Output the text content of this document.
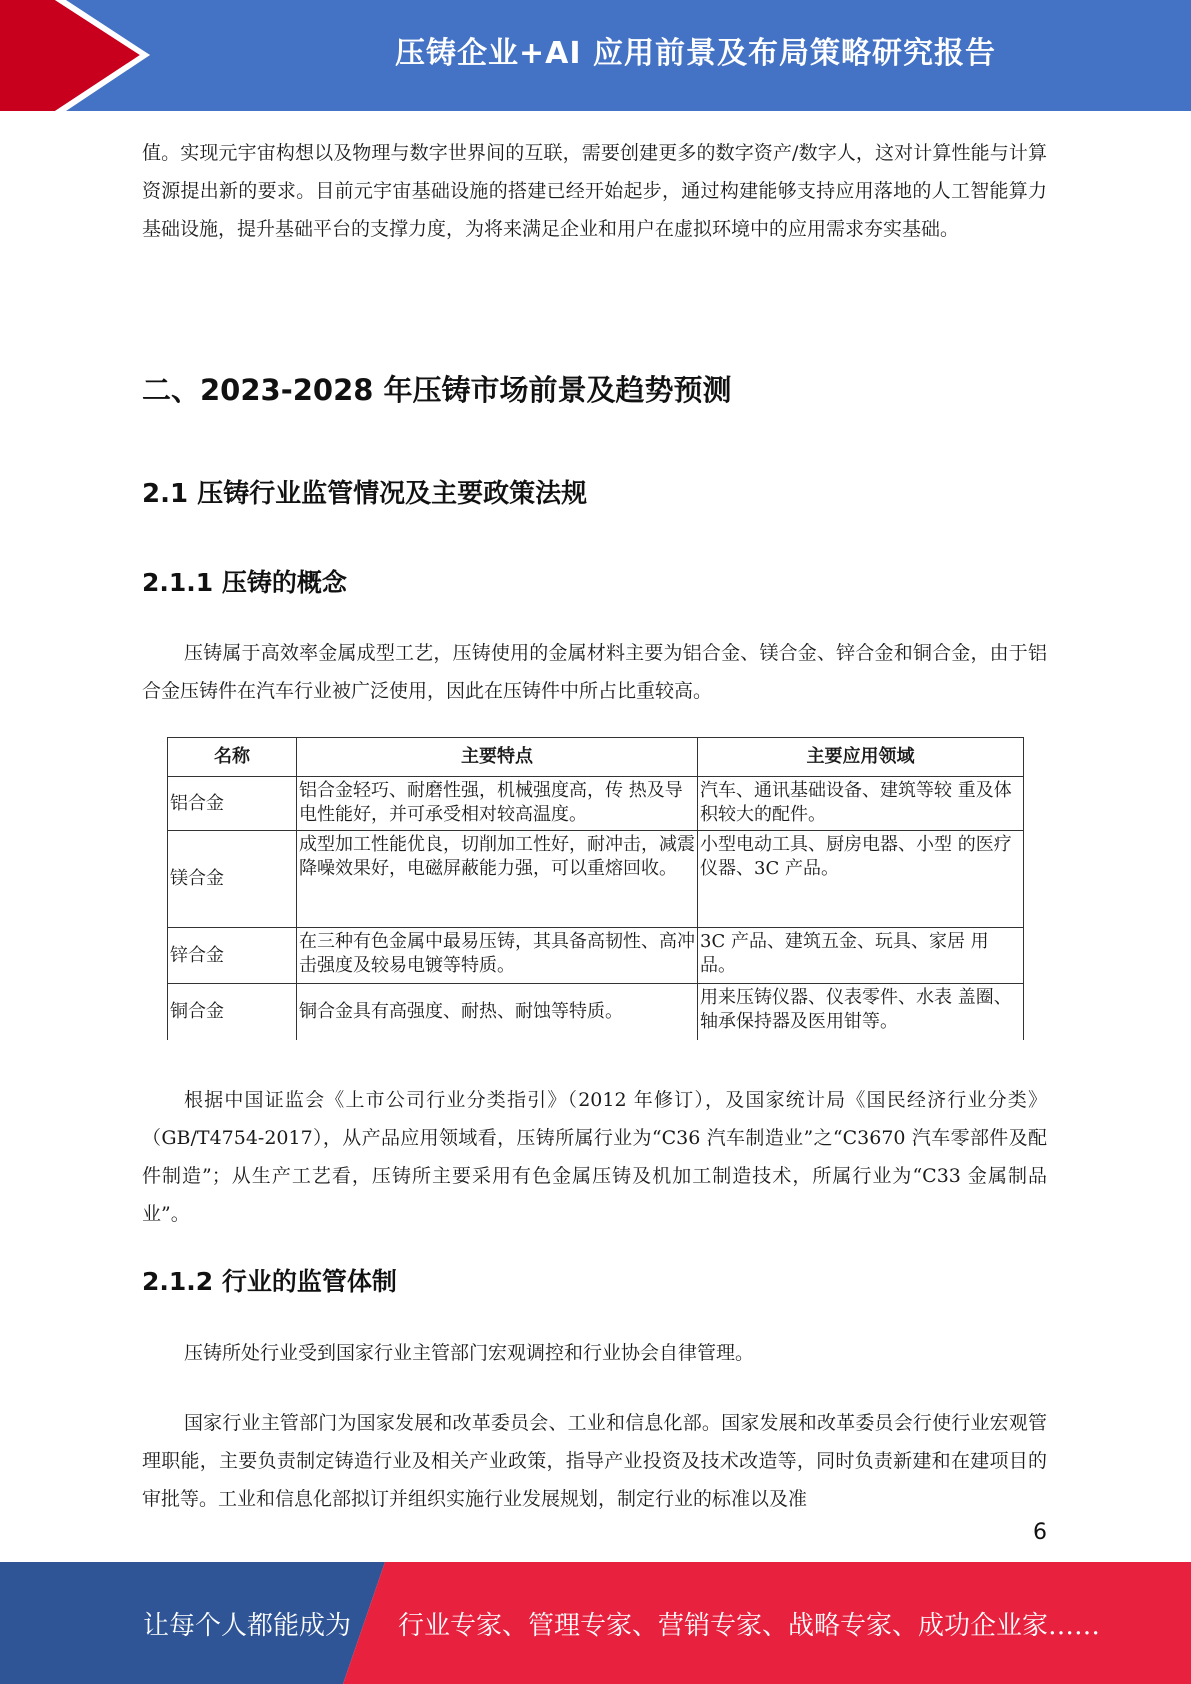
压铸企业+AI 应用前景及布局策略研究报告

值。实现元宇宙构想以及物理与数字世界间的互联，需要创建更多的数字资产/数字人，这对计算性能与计算资源提出新的要求。目前元宇宙基础设施的搭建已经开始起步，通过构建能够支持应用落地的人工智能算力基础设施，提升基础平台的支撑力度，为将来满足企业和用户在虚拟环境中的应用需求夯实基础。

二、2023-2028 年压铸市场前景及趋势预测
2.1 压铸行业监管情况及主要政策法规
2.1.1 压铸的概念

压铸属于高效率金属成型工艺，压铸使用的金属材料主要为铝合金、镁合金、锌合金和铜合金，由于铝合金压铸件在汽车行业被广泛使用，因此在压铸件中所占比重较高。

名称	主要特点	主要应用领域
铝合金	铝合金轻巧、耐磨性强，机械强度高，传 热及导电性能好，并可承受相对较高温度。	汽车、通讯基础设备、建筑等较 重及体积较大的配件。
镁合金	成型加工性能优良，切削加工性好，耐冲击，减震降噪效果好，电磁屏蔽能力强，可以重熔回收。	小型电动工具、厨房电器、小型 的医疗仪器、3C 产品。
锌合金	在三种有色金属中最易压铸，其具备高韧性、高冲击强度及较易电镀等特质。	3C 产品、建筑五金、玩具、家居 用品。
铜合金	铜合金具有高强度、耐热、耐蚀等特质。	用来压铸仪器、仪表零件、水表 盖圈、轴承保持器及医用钳等。

根据中国证监会《上市公司行业分类指引》（2012 年修订），及国家统计局《国民经济行业分类》（GB/T4754-2017），从产品应用领域看，压铸所属行业为“C36 汽车制造业”之“C3670 汽车零部件及配件制造”；从生产工艺看，压铸所主要采用有色金属压铸及机加工制造技术，所属行业为“C33 金属制品业”。

2.1.2 行业的监管体制

压铸所处行业受到国家行业主管部门宏观调控和行业协会自律管理。

国家行业主管部门为国家发展和改革委员会、工业和信息化部。国家发展和改革委员会行使行业宏观管理职能，主要负责制定铸造行业及相关产业政策，指导产业投资及技术改造等，同时负责新建和在建项目的审批等。工业和信息化部拟订并组织实施行业发展规划，制定行业的标准以及准

6
让每个人都能成为 行业专家、管理专家、营销专家、战略专家、成功企业家……
